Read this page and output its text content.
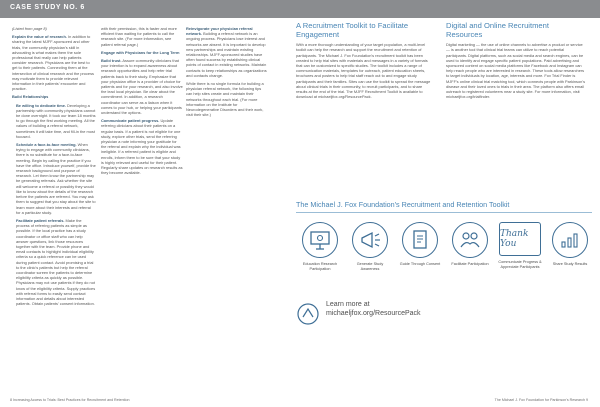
CASE STUDY NO. 6
(Listed from page 8)
Explain the value of research. In addition to sharing the latest MJFF-sponsored and other trials, the community physician's skill in advocating is what makes them the sole professional that really can help patients consider research. Physicians are the best to get to their patients. Connecting them at the intersection of clinical research and the process may motivate them to provide relevant information in their patients' encounter and practice.
Build Relationships
Be willing to dedicate time. Developing a partnership with community physicians cannot be done overnight. It took our team 18 months to go through the first working meeting. All the values of building a referral network, sometimes it will take time, and fill-in the most focused.
Schedule a face-to-face meeting. When trying to engage with community clinicians, there is no substitute for a face-to-face meeting. Begin by calling the practice if you have the office. Introduce yourself, provide the research background and purpose of research. Let them know the partnership may be generating referrals. Ask whether the site will welcome a referral or possibly they would like to know about the details of the research before the patients are referred. You may ask them to suggest that you stay about the site to learn more about their interests and referral for a particular study.
Facilitate patient referrals. Make the process of referring patients as simple as possible. If the local practice has a study coordinator or office staff who can help answer questions, link those resources together with the team. Provide phone and email contacts to highlight individual eligibility criteria so a quick reference can be used during patient contact. Avoid promising a trial to the clinic's patients but help the referral coordinator screen the patients to determine eligibility criteria as quickly as possible. Physicians may not use patients if they do not know of the eligibility criteria. Supply practices with referral forms to easily send contact information and details about interested patients. Obtain patients' consent information.
with their permission, this is faster and more efficient than waiting for patients to call the research site. (For more information, see patient referral page.)
Engage with Physicians for the Long Term
Build trust. Assure community clinicians that your intention is to expand awareness about research opportunities and help refer trial patients back to their study. Emphasize that your physician office is a provider of choice for patients and for your research, and also involve the lead local physician. Be clear about the commitment. In addition, a research coordinator can serve as a liaison when it comes to your hub, or helping your participants understand the options.
Communicate patient progress. Update referring clinicians about their patients on a regular basis. If a patient is not eligible for one study, explore other trials, send the referring physician a note informing your gratitude for the referral and explain why the individual was ineligible. If a referred patient is eligible and enrolls, inform them to be sure that your study is highly relevant and useful for their patient. Regularly share updates on research results as they become available.
Reinvigorate your physician referral network. Building a referral network is an ongoing process. Physicians lose interest and networks are absent. It is important to develop new partnerships and maintain existing relationships. MJFF-sponsored studies have often found success by establishing clinical points of contact in existing networks. Maintain contacts to keep relationships as organizations and contacts change.
While there is no single formula for building a physician referral network, the following tips can help sites create and maintain their networks throughout each trial. (For more information on the Institute for Neurodegenerative Disorders and their work, visit their site.)
A Recruitment Toolkit to Facilitate Engagement
With a more thorough understanding of your target population, a multi-level toolkit can help the research and support the recruitment and retention of participants. The Michael J. Fox Foundation's recruitment toolkit has been created to help trial sites with materials and messages in a variety of formats that can be customized to specific studies. The toolkit includes a range of communication materials, templates for outreach, patient education sheets, brochures and posters to help trial staff reach out to and engage study participants and their families. Sites can use the toolkit to spread the message about clinical trials in their community, to recruit participants, and to share results at the end of the trial. The MJFF Recruitment Toolkit is available to download at michaeljfox.org/ResourcePack.
Digital and Online Recruitment Resources
Digital marketing — the use of online channels to advertise a product or service — is another tool that clinical trial teams can utilize to reach potential participants. Digital platforms, such as social media and search engines, can be used to identify and engage specific patient populations. Paid advertising and sponsored content on social media platforms like Facebook and Instagram can help reach people who are interested in research. These tools allow researchers to target individuals by location, age, interests and more. Fox Trial Finder is MJFF's online clinical trial matching tool, which connects people with Parkinson's disease and their loved ones to trials in their area. The platform also offers email outreach to registered volunteers near a study site. For more information, visit michaeljfox.org/trialfinder.
The Michael J. Fox Foundation's Recruitment and Retention Toolkit
Education Research Participation
Generate Study Awareness
Guide Through Consent	Facilitate Participation
Thank You
Communicate Progress & Appreciate Participants
Share Study Results
Learn more at
michaeljfox.org/ResourcePack
8 Increasing Access to Trials: Best Practices for Recruitment and Retention	The Michael J. Fox Foundation for Parkinson's Research 9
